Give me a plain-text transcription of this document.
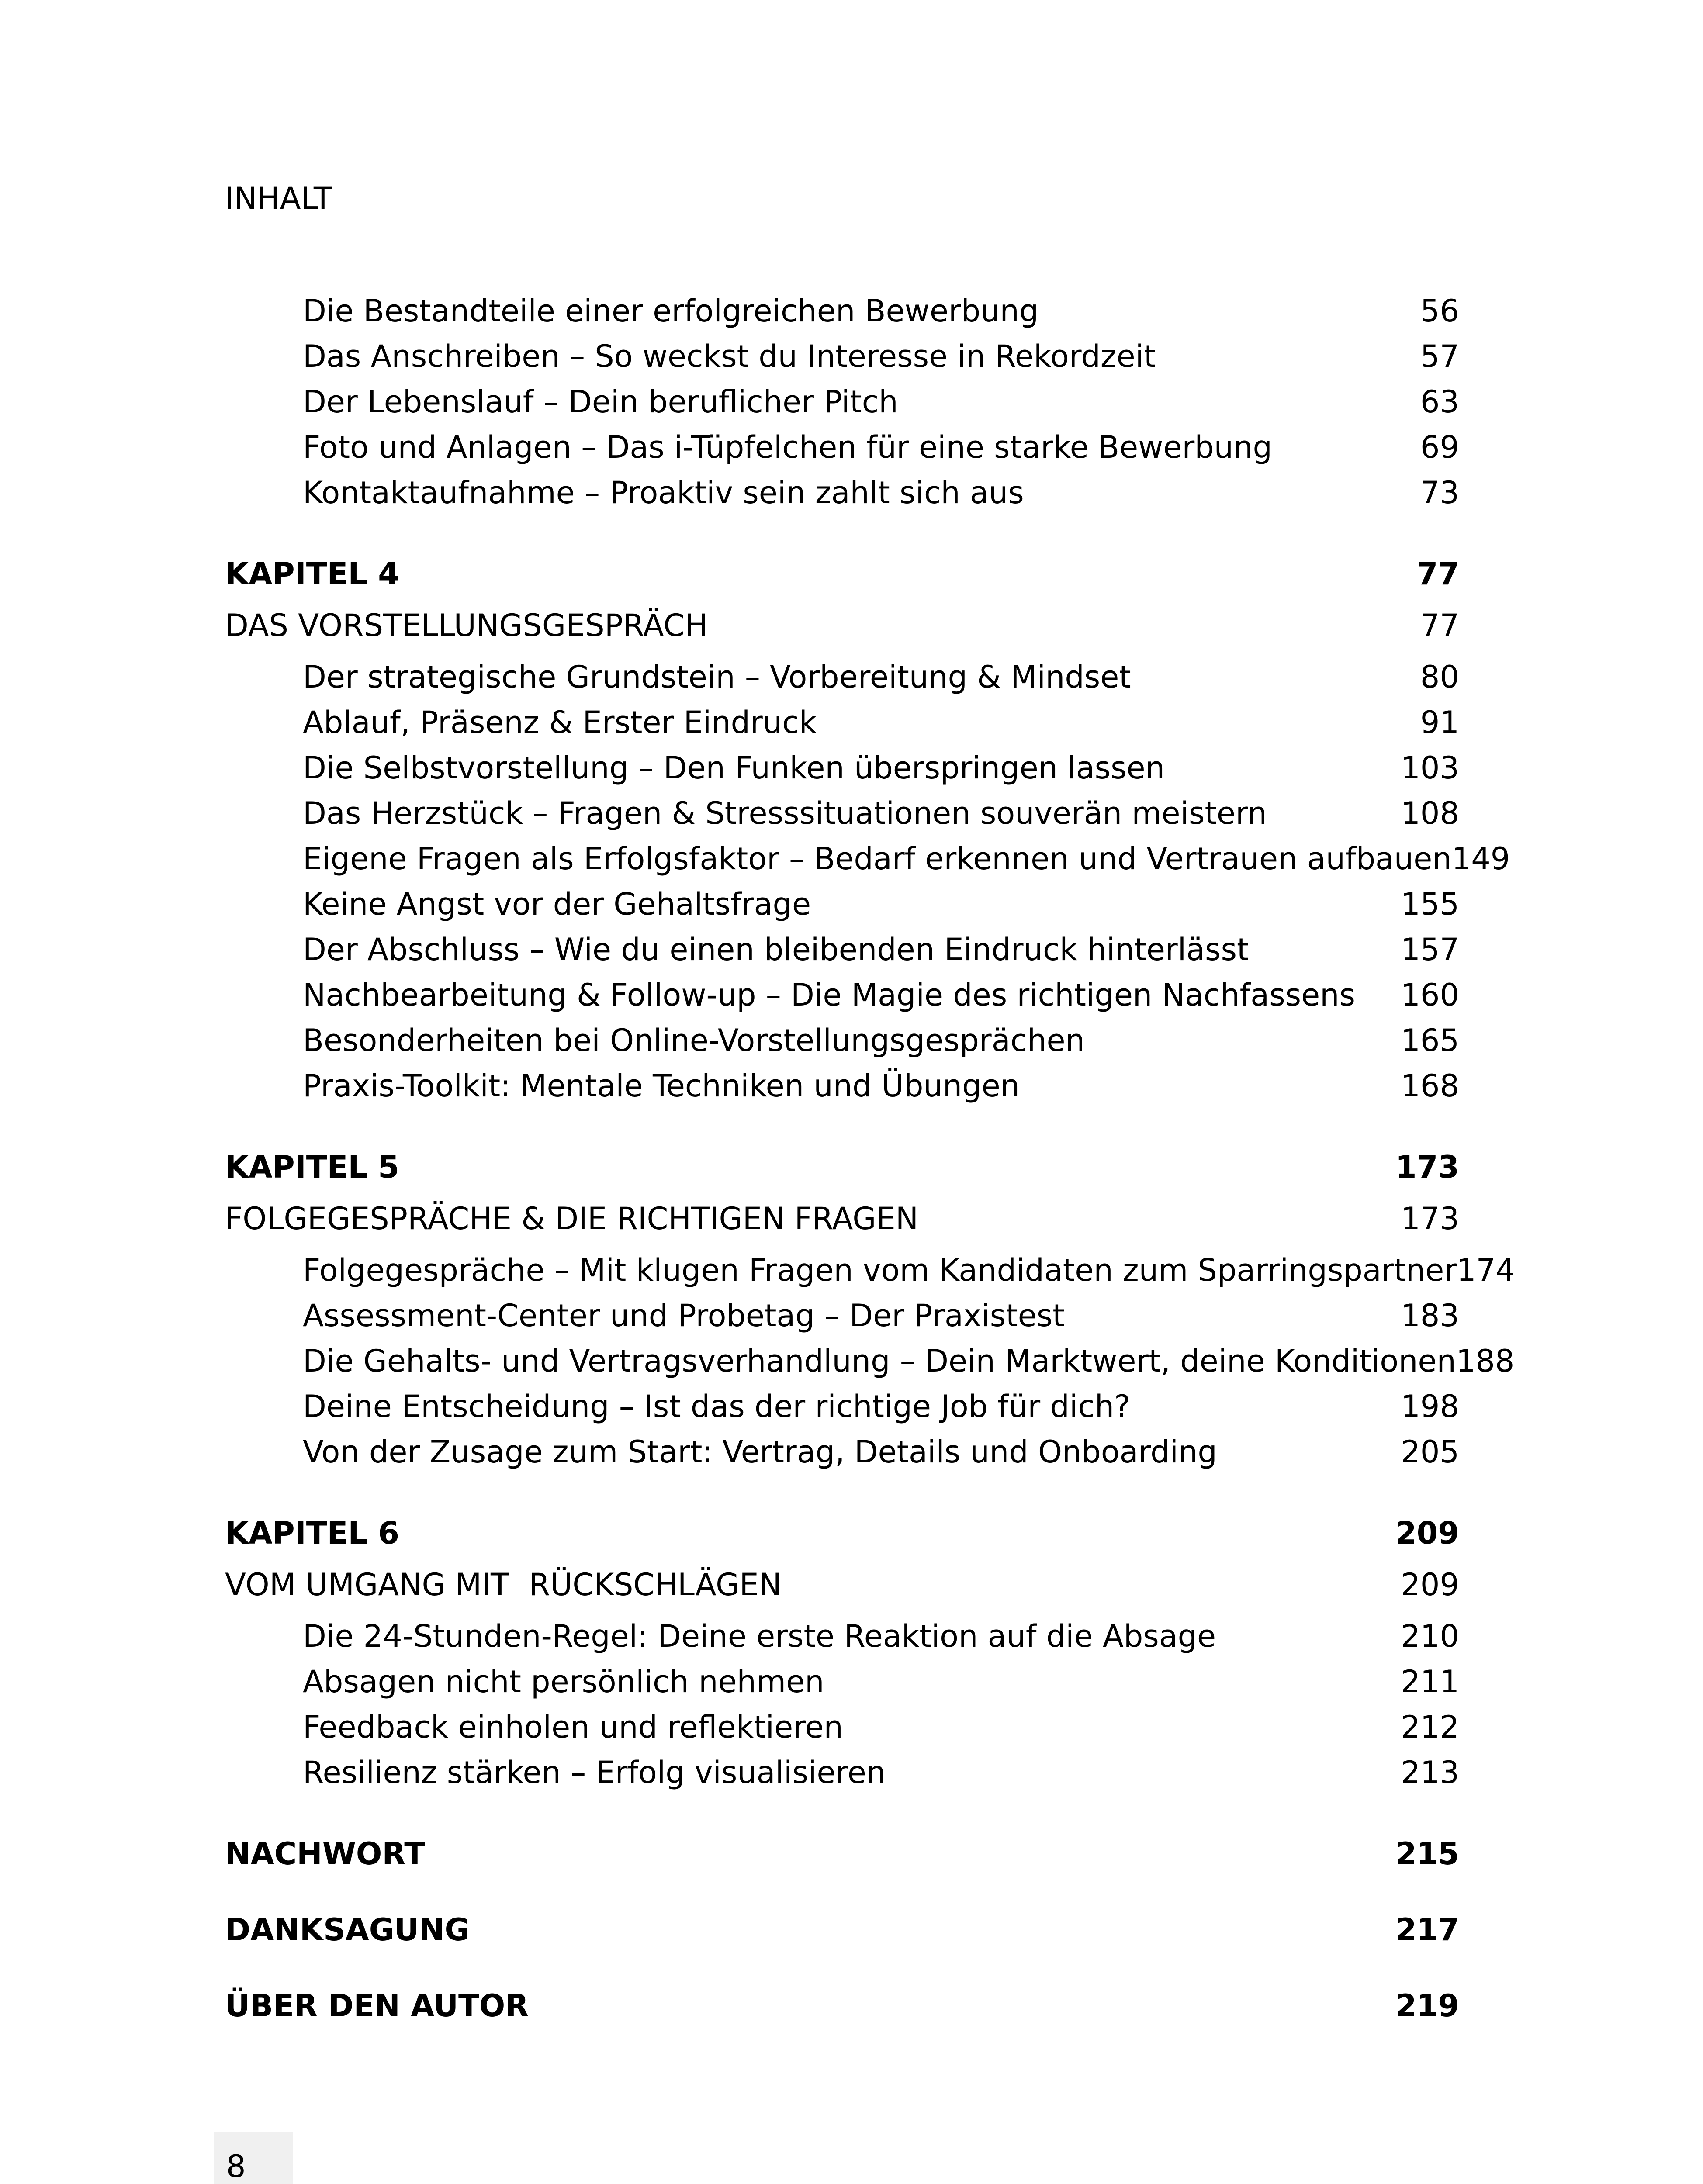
INHALT
Die Bestandteile einer erfolgreichen Bewerbung	56
Das Anschreiben – So weckst du Interesse in Rekordzeit	57
Der Lebenslauf – Dein beruflicher Pitch	63
Foto und Anlagen – Das i-Tüpfelchen für eine starke Bewerbung	69
Kontaktaufnahme – Proaktiv sein zahlt sich aus	73
KAPITEL 4	77
DAS VORSTELLUNGSGESPRÄCH	77
Der strategische Grundstein – Vorbereitung & Mindset	80
Ablauf, Präsenz & Erster Eindruck	91
Die Selbstvorstellung – Den Funken überspringen lassen	103
Das Herzstück – Fragen & Stresssituationen souverän meistern	108
Eigene Fragen als Erfolgsfaktor – Bedarf erkennen und Vertrauen aufbauen 149
Keine Angst vor der Gehaltsfrage	155
Der Abschluss – Wie du einen bleibenden Eindruck hinterlässt	157
Nachbearbeitung & Follow-up – Die Magie des richtigen Nachfassens 160
Besonderheiten bei Online-Vorstellungsgesprächen	165
Praxis-Toolkit: Mentale Techniken und Übungen	168
KAPITEL 5	173
FOLGEGESPRÄCHE & DIE RICHTIGEN FRAGEN	173
Folgegespräche – Mit klugen Fragen vom Kandidaten zum Sparringspartner 174
Assessment-Center und Probetag – Der Praxistest	183
Die Gehalts- und Vertragsverhandlung – Dein Marktwert, deine Konditionen 188
Deine Entscheidung – Ist das der richtige Job für dich?	198
Von der Zusage zum Start: Vertrag, Details und Onboarding	205
KAPITEL 6	209
VOM UMGANG MIT  RÜCKSCHLÄGEN	209
Die 24-Stunden-Regel: Deine erste Reaktion auf die Absage	210
Absagen nicht persönlich nehmen	211
Feedback einholen und reflektieren	212
Resilienz stärken – Erfolg visualisieren	213
NACHWORT	215
DANKSAGUNG	217
ÜBER DEN AUTOR	219
8
